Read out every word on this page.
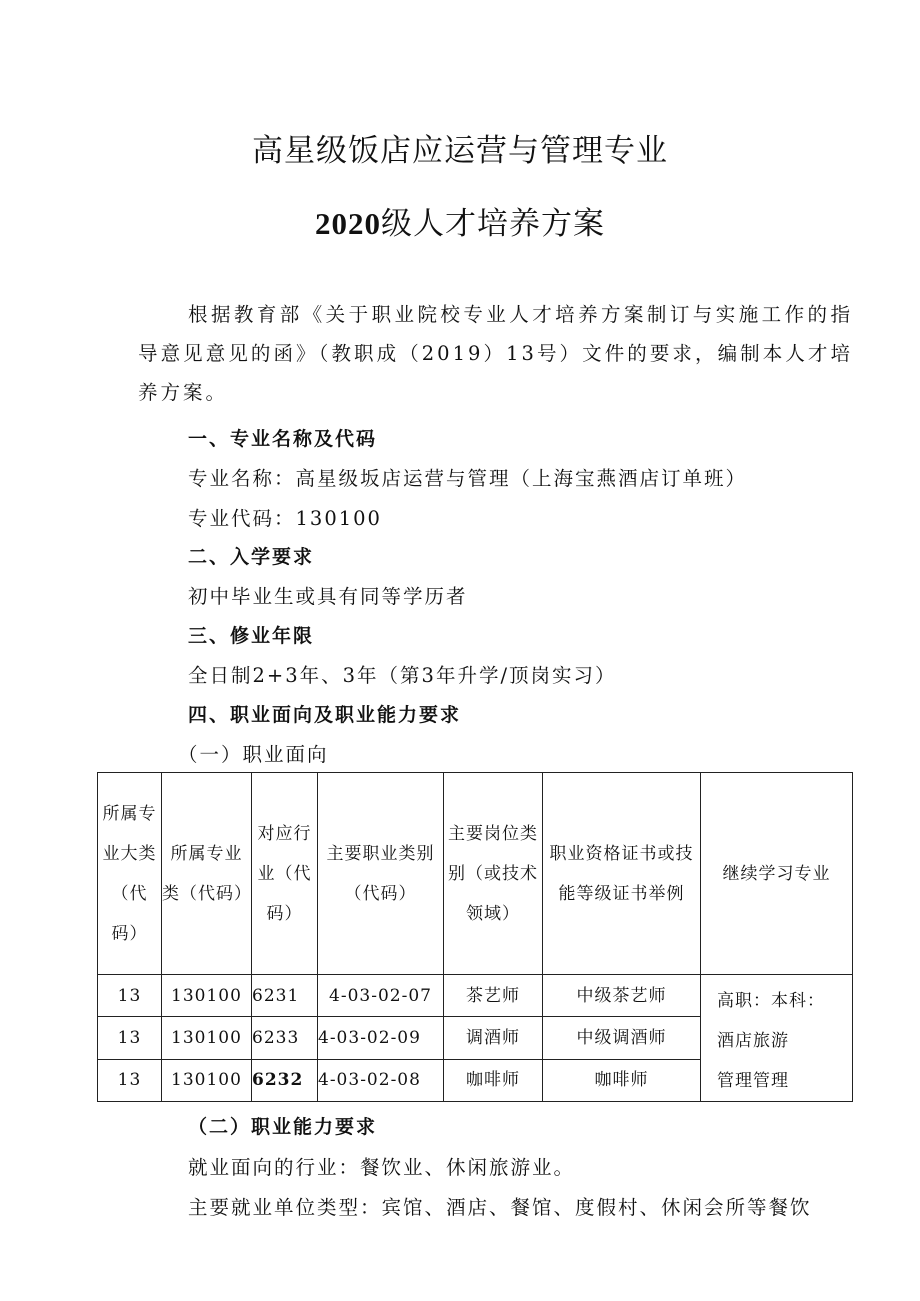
高星级饭店应运营与管理专业
2020级人才培养方案
根据教育部《关于职业院校专业人才培养方案制订与实施工作的指导意见意见的函》（教职成（2019）13号）文件的要求，编制本人才培养方案。
一、专业名称及代码
专业名称：高星级坂店运营与管理（上海宝燕酒店订单班）
专业代码：130100
二、入学要求
初中毕业生或具有同等学历者
三、修业年限
全日制2+3年、3年（第3年升学/顶岗实习）
四、职业面向及职业能力要求
（一）职业面向
所属专业大类（代码）	所属专业类（代码）	对应行业（代码）	主要职业类别（代码）	主要岗位类别（或技术领域）	职业资格证书或技能等级证书举例	继续学习专业
13	130100	6231	4-03-02-07	茶艺师	中级茶艺师	高职：本科：
酒店旅游
管理管理

13	130100	6233	4-03-02-09	调酒师	中级调酒师	
13	130100	6232	4-03-02-08	咖啡师	咖啡师	
（二）职业能力要求
就业面向的行业：餐饮业、休闲旅游业。
主要就业单位类型：宾馆、酒店、餐馆、度假村、休闲会所等餐饮
